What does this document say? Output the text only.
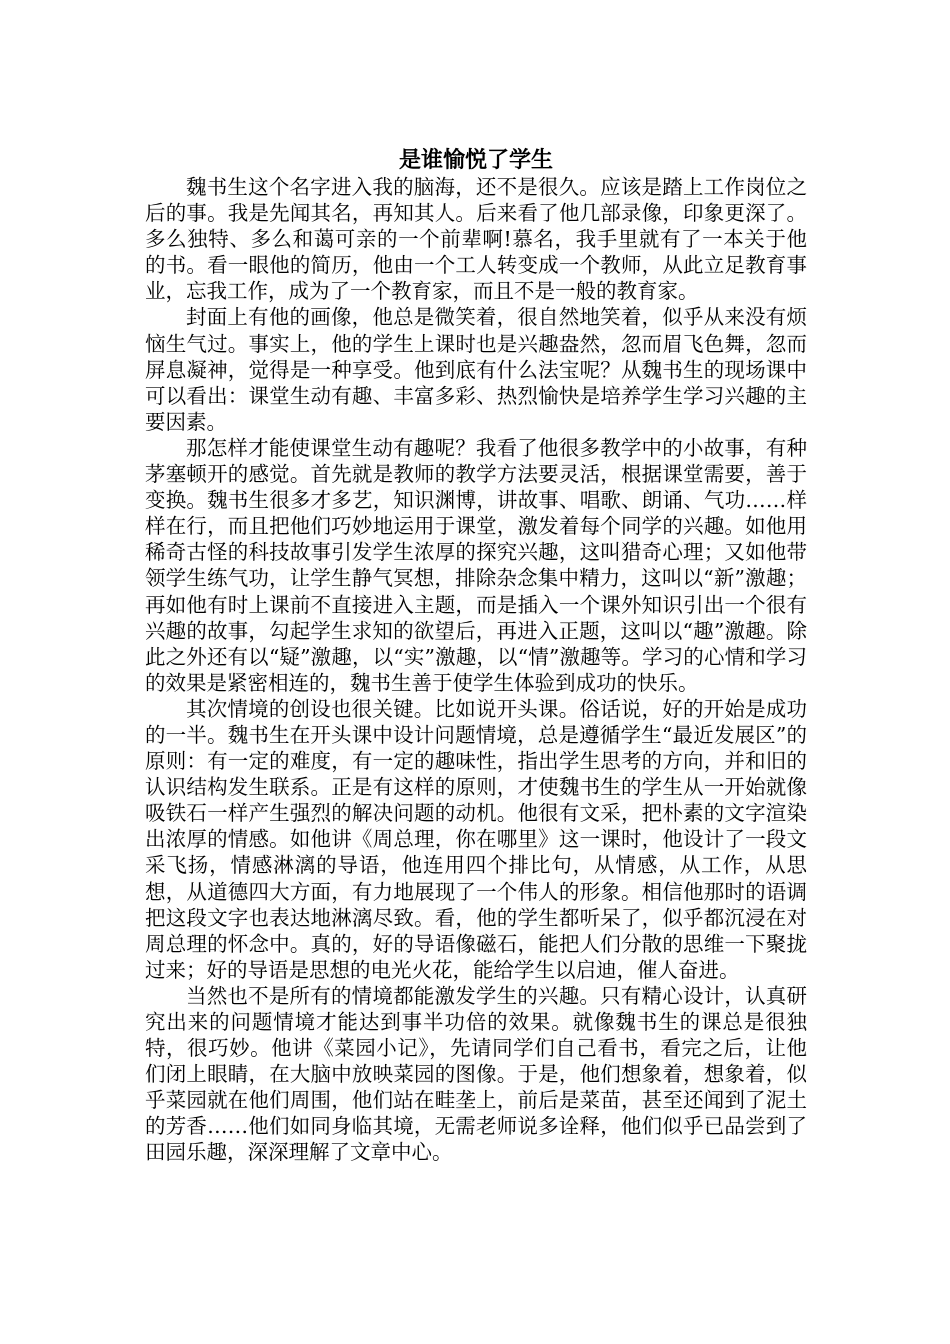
是谁愉悦了学生

魏书生这个名字进入我的脑海，还不是很久。应该是踏上工作岗位之后的事。我是先闻其名，再知其人。后来看了他几部录像，印象更深了。多么独特、多么和蔼可亲的一个前辈啊!慕名，我手里就有了一本关于他的书。看一眼他的简历，他由一个工人转变成一个教师，从此立足教育事业，忘我工作，成为了一个教育家，而且不是一般的教育家。

封面上有他的画像，他总是微笑着，很自然地笑着，似乎从来没有烦恼生气过。事实上，他的学生上课时也是兴趣盎然，忽而眉飞色舞，忽而屏息凝神，觉得是一种享受。他到底有什么法宝呢？从魏书生的现场课中可以看出：课堂生动有趣、丰富多彩、热烈愉快是培养学生学习兴趣的主要因素。

那怎样才能使课堂生动有趣呢？我看了他很多教学中的小故事，有种茅塞顿开的感觉。首先就是教师的教学方法要灵活，根据课堂需要，善于变换。魏书生很多才多艺，知识渊博，讲故事、唱歌、朗诵、气功……样样在行，而且把他们巧妙地运用于课堂，激发着每个同学的兴趣。如他用稀奇古怪的科技故事引发学生浓厚的探究兴趣，这叫猎奇心理；又如他带领学生练气功，让学生静气冥想，排除杂念集中精力，这叫以“新”激趣；再如他有时上课前不直接进入主题，而是插入一个课外知识引出一个很有兴趣的故事，勾起学生求知的欲望后，再进入正题，这叫以“趣”激趣。除此之外还有以“疑”激趣，以“实”激趣，以“情”激趣等。学习的心情和学习的效果是紧密相连的，魏书生善于使学生体验到成功的快乐。

其次情境的创设也很关键。比如说开头课。俗话说，好的开始是成功的一半。魏书生在开头课中设计问题情境，总是遵循学生“最近发展区”的原则：有一定的难度，有一定的趣味性，指出学生思考的方向，并和旧的认识结构发生联系。正是有这样的原则，才使魏书生的学生从一开始就像吸铁石一样产生强烈的解决问题的动机。他很有文采，把朴素的文字渲染出浓厚的情感。如他讲《周总理，你在哪里》这一课时，他设计了一段文采飞扬，情感淋漓的导语，他连用四个排比句，从情感，从工作，从思想，从道德四大方面，有力地展现了一个伟人的形象。相信他那时的语调把这段文字也表达地淋漓尽致。看，他的学生都听呆了，似乎都沉浸在对周总理的怀念中。真的，好的导语像磁石，能把人们分散的思维一下聚拢过来；好的导语是思想的电光火花，能给学生以启迪，催人奋进。

当然也不是所有的情境都能激发学生的兴趣。只有精心设计，认真研究出来的问题情境才能达到事半功倍的效果。就像魏书生的课总是很独特，很巧妙。他讲《菜园小记》，先请同学们自己看书，看完之后，让他们闭上眼睛，在大脑中放映菜园的图像。于是，他们想象着，想象着，似乎菜园就在他们周围，他们站在畦垄上，前后是菜苗，甚至还闻到了泥土的芳香……他们如同身临其境，无需老师说多诠释，他们似乎已品尝到了田园乐趣，深深理解了文章中心。
